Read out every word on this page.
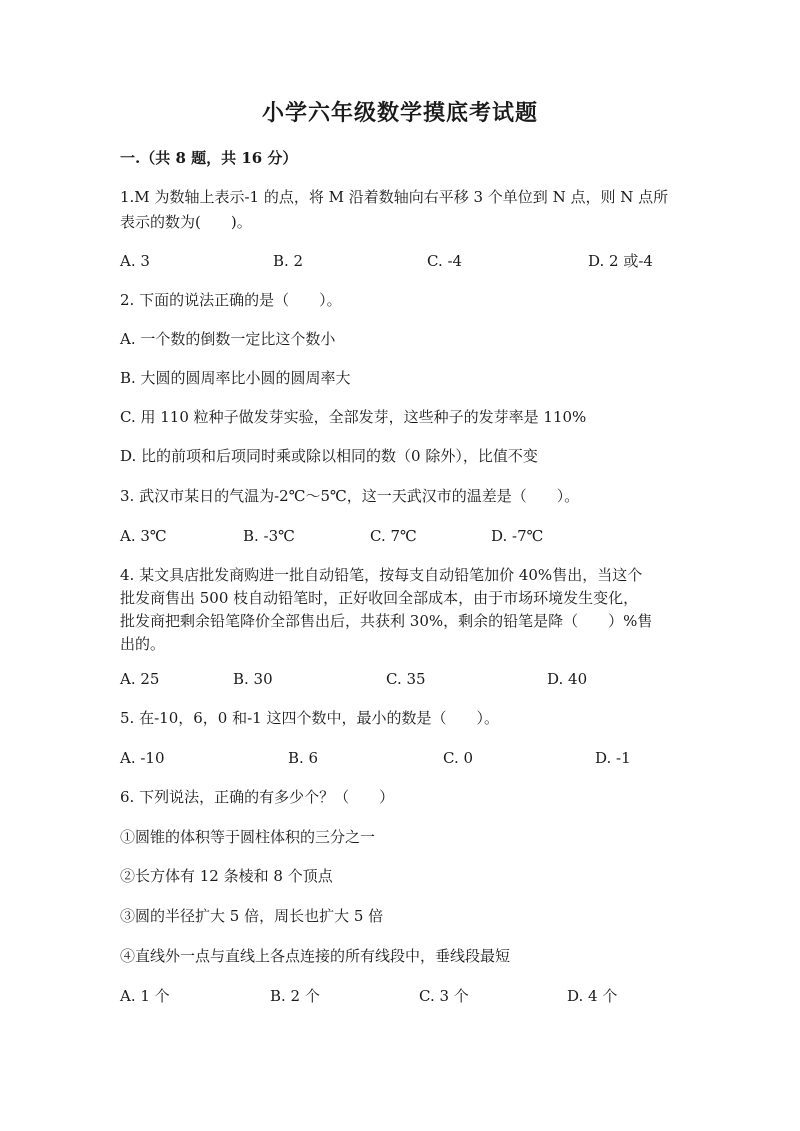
小学六年级数学摸底考试题
一.（共 8 题，共 16 分）
1.M 为数轴上表示-1 的点，将 M 沿着数轴向右平移 3 个单位到 N 点，则 N 点所
表示的数为(　　)。
A. 3	B. 2	C. -4	D. 2 或-4
2. 下面的说法正确的是（　　）。
A. 一个数的倒数一定比这个数小
B. 大圆的圆周率比小圆的圆周率大
C. 用 110 粒种子做发芽实验，全部发芽，这些种子的发芽率是 110%
D. 比的前项和后项同时乘或除以相同的数（0 除外），比值不变
3. 武汉市某日的气温为-2℃～5℃，这一天武汉市的温差是（　　）。
A. 3℃	B. -3℃	C. 7℃	D. -7℃
4. 某文具店批发商购进一批自动铅笔，按每支自动铅笔加价 40%售出，当这个
批发商售出 500 枝自动铅笔时，正好收回全部成本，由于市场环境发生变化，
批发商把剩余铅笔降价全部售出后，共获利 30%，剩余的铅笔是降（　　）%售
出的。
A. 25	B. 30	C. 35	D. 40
5. 在-10，6，0 和-1 这四个数中，最小的数是（　　）。
A. -10	B. 6	C. 0	D. -1
6. 下列说法，正确的有多少个？（　　）
①圆锥的体积等于圆柱体积的三分之一
②长方体有 12 条棱和 8 个顶点
③圆的半径扩大 5 倍，周长也扩大 5 倍
④直线外一点与直线上各点连接的所有线段中，垂线段最短
A. 1 个	B. 2 个	C. 3 个	D. 4 个
